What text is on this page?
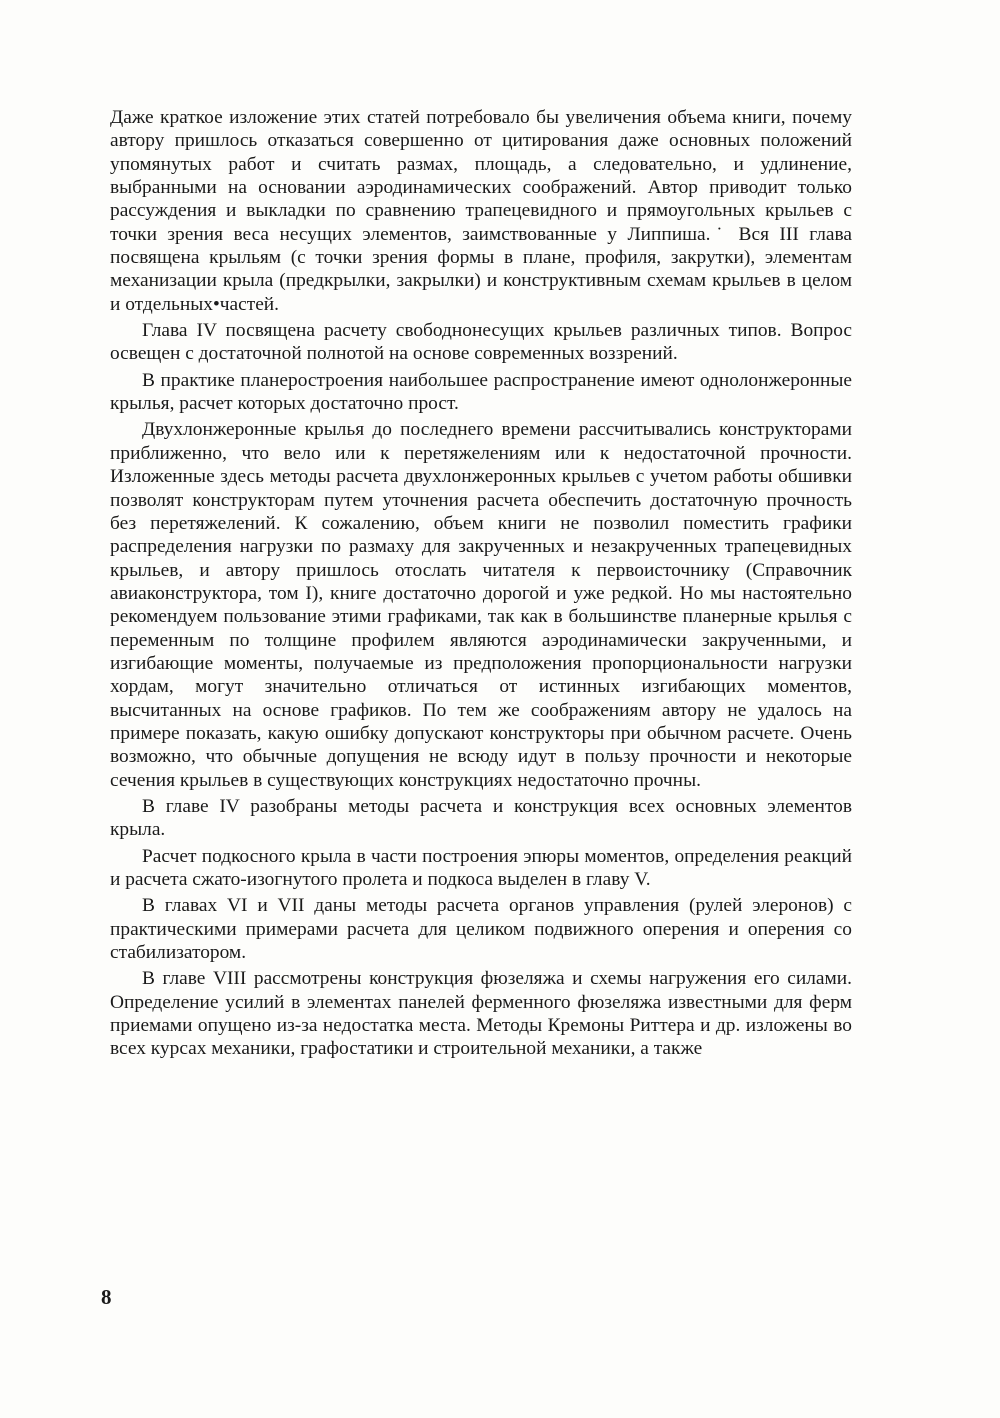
Даже краткое изложение этих статей потребовало бы увеличения объема книги, почему автору пришлось отказаться совершенно от цитирования даже основных положений упомянутых работ и считать размах, площадь, а следовательно, и удлинение, выбранными на основании аэродинамических соображений. Автор приводит только рассуждения и выкладки по сравнению трапецевидного и прямоугольных крыльев с точки зрения веса несущих элементов, заимствованные у Липпиша.˙ Вся III глава посвящена крыльям (с точки зрения формы в плане, профиля, закрутки), элементам механизации крыла (предкрылки, закрылки) и конструктивным схемам крыльев в целом и отдельных•частей.

Глава IV посвящена расчету свободнонесущих крыльев различных типов. Вопрос освещен с достаточной полнотой на основе современных воззрений.

В практике планеростроения наибольшее распространение имеют однолонжеронные крылья, расчет которых достаточно прост.

Двухлонжеронные крылья до последнего времени рассчитывались конструкторами приближенно, что вело или к перетяжелениям или к недостаточной прочности. Изложенные здесь методы расчета двухлонжеронных крыльев с учетом работы обшивки позволят конструкторам путем уточнения расчета обеспечить достаточную прочность без перетяжелений. К сожалению, объем книги не позволил поместить графики распределения нагрузки по размаху для закрученных и незакрученных трапецевидных крыльев, и автору пришлось отослать читателя к первоисточнику (Справочник авиаконструктора, том I), книге достаточно дорогой и уже редкой. Но мы настоятельно рекомендуем пользование этими графиками, так как в большинстве планерные крылья с переменным по толщине профилем являются аэродинамически закрученными, и изгибающие моменты, получаемые из предположения пропорциональности нагрузки хордам, могут значительно отличаться от истинных изгибающих моментов, высчитанных на основе графиков. По тем же соображениям автору не удалось на примере показать, какую ошибку допускают конструкторы при обычном расчете. Очень возможно, что обычные допущения не всюду идут в пользу прочности и некоторые сечения крыльев в существующих конструкциях недостаточно прочны.

В главе IV разобраны методы расчета и конструкция всех основных элементов крыла.

Расчет подкосного крыла в части построения эпюры моментов, определения реакций и расчета сжато-изогнутого пролета и подкоса выделен в главу V.

В главах VI и VII даны методы расчета органов управления (рулей элеронов) с практическими примерами расчета для целиком подвижного оперения и оперения со стабилизатором.

В главе VIII рассмотрены конструкция фюзеляжа и схемы нагружения его силами. Определение усилий в элементах панелей ферменного фюзеляжа известными для ферм приемами опущено из-за недостатка места. Методы Кремоны Риттера и др. изложены во всех курсах механики, графостатики и строительной механики, а также

8
